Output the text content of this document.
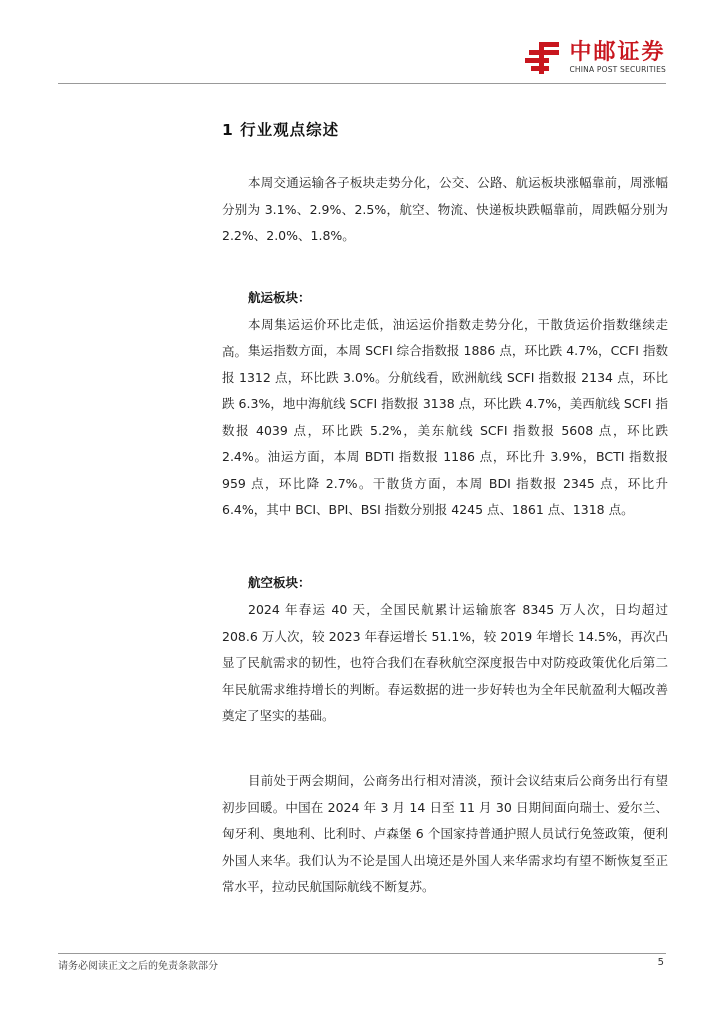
中邮证券
CHINA POST SECURITIES
1 行业观点综述
本周交通运输各子板块走势分化，公交、公路、航运板块涨幅靠前，周涨幅分别为 3.1%、2.9%、2.5%，航空、物流、快递板块跌幅靠前，周跌幅分别为 2.2%、2.0%、1.8%。
航运板块：
本周集运运价环比走低，油运运价指数走势分化，干散货运价指数继续走高。 集运指数方面，本周 SCFI 综合指数报 1886 点，环比跌 4.7%，CCFI 指数报 1312 点，环比跌 3.0%。分航线看，欧洲航线 SCFI 指数报 2134 点，环比跌 6.3%，地中海航线 SCFI 指数报 3138 点，环比跌 4.7%，美西航线 SCFI 指数报 4039 点，环比跌 5.2%，美东航线 SCFI 指数报 5608 点，环比跌 2.4%。油运方面，本周 BDTI 指数报 1186 点，环比升 3.9%，BCTI 指数报 959 点，环比降 2.7%。干散货方面，本周 BDI 指数报 2345 点，环比升 6.4%，其中 BCI、BPI、BSI 指数分别报 4245 点、1861 点、1318 点。
航空板块：
2024 年春运 40 天，全国民航累计运输旅客 8345 万人次，日均超过 208.6 万人次，较 2023 年春运增长 51.1%，较 2019 年增长 14.5%，再次凸显了民航需求的韧性，也符合我们在春秋航空深度报告中对防疫政策优化后第二年民航需求维持增长的判断。春运数据的进一步好转也为全年民航盈利大幅改善奠定了坚实的基础。
目前处于两会期间，公商务出行相对清淡，预计会议结束后公商务出行有望初步回暖。中国在 2024 年 3 月 14 日至 11 月 30 日期间面向瑞士、爱尔兰、匈牙利、奥地利、比利时、卢森堡 6 个国家持普通护照人员试行免签政策，便利外国人来华。我们认为不论是国人出境还是外国人来华需求均有望不断恢复至正常水平，拉动民航国际航线不断复苏。
请务必阅读正文之后的免责条款部分	5
